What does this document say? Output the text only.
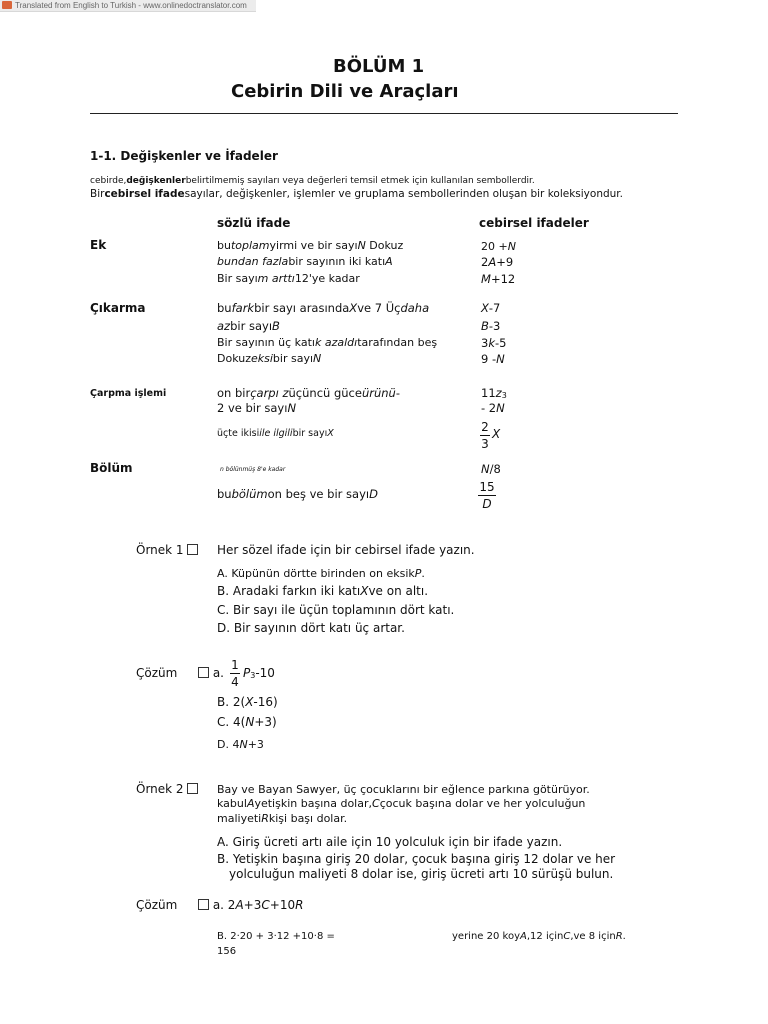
Translated from English to Turkish - www.onlinedoctranslator.com
BÖLÜM 1
Cebirin Dili ve Araçları
1-1. Değişkenler ve İfadeler
cebirde,değişkenlerbelirtilmemiş sayıları veya değerleri temsil etmek için kullanılan sembollerdir.
Bircebirsel ifadesayılar, değişkenler, işlemler ve gruplama sembollerinden oluşan bir koleksiyondur.
sözlü ifade	cebirsel ifadeler
Ek	butoplamyirmi ve bir sayıN Dokuz	20 +N
bundan fazlabir sayının iki katıA	2A+9
Bir sayım arttı12'ye kadar	M+12
Çıkarma	bufarkbir sayı arasındaXve 7 Üçdaha	X-7
azbir sayıB	B-3
Bir sayının üç katık azaldıtarafından beş	3k-5
Dokuzeksibir sayıN	9 -N
Çarpma işlemi	on birçarpı züçüncü güceürünü-	11z3
2 ve bir sayıN	- 2N
üçte ikisiile ilgilibir sayıX	2
3
X
Bölüm	n bölünmüş 8'e kadar	N/8
bubölümon beş ve bir sayıD	15
D
Örnek 1	Her sözel ifade için bir cebirsel ifade yazın.
A. Küpünün dörtte birinden on eksikP.
B. Aradaki farkın iki katıXve on altı.
C. Bir sayı ile üçün toplamının dört katı.
D. Bir sayının dört katı üç artar.
Çözüm	a.
1
4
P3-10
B. 2(X-16)
C. 4(N+3)
D. 4N+3
Örnek 2	Bay ve Bayan Sawyer, üç çocuklarını bir eğlence parkına götürüyor.
kabulAyetişkin başına dolar,Cçocuk başına dolar ve her yolculuğun
maliyetiRkişi başı dolar.
A. Giriş ücreti artı aile için 10 yolculuk için bir ifade yazın.
B. Yetişkin başına giriş 20 dolar, çocuk başına giriş 12 dolar ve her
yolculuğun maliyeti 8 dolar ise, giriş ücreti artı 10 sürüşü bulun.
Çözüm	a. 2A+3C+10R
B. 2·20 + 3·12 +10·8 =
156
yerine 20 koyA,12 içinC,ve 8 içinR.
